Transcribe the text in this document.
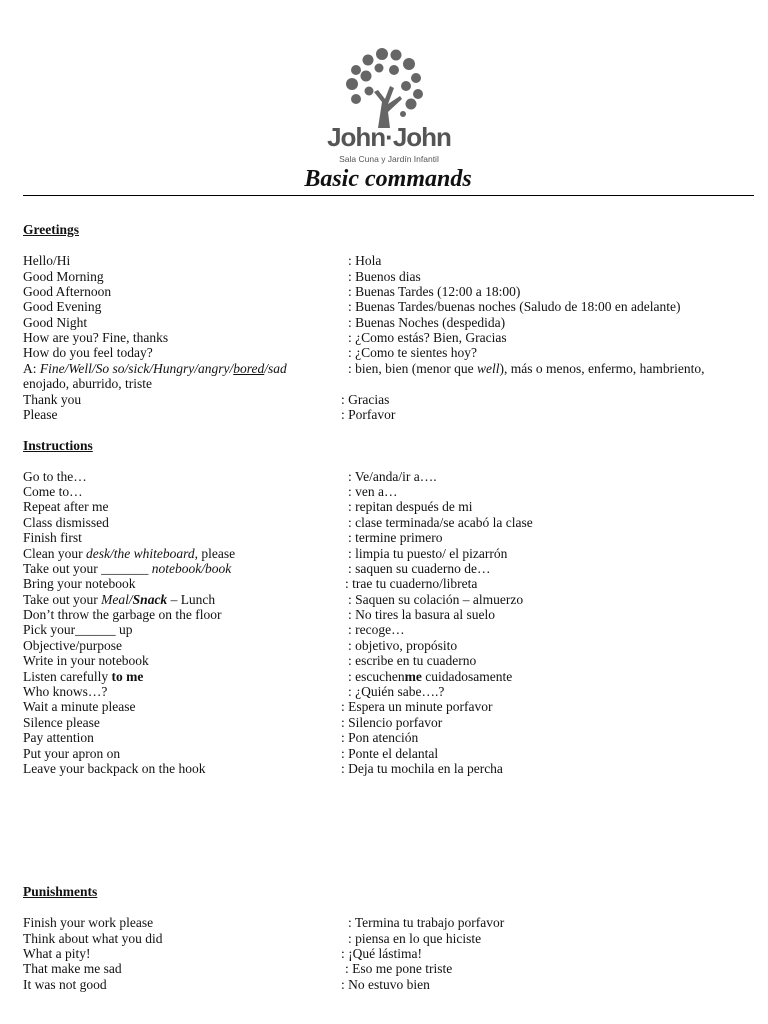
John·John
Sala Cuna y Jardín Infantil
Basic commands
Greetings
Hello/Hi	: Hola
Good Morning	: Buenos dias
Good Afternoon	: Buenas Tardes (12:00 a 18:00)
Good Evening	: Buenas Tardes/buenas noches (Saludo de 18:00 en adelante)
Good Night	: Buenas Noches (despedida)
How are you? Fine, thanks	: ¿Como estás? Bien, Gracias
How do you feel today?	: ¿Como te sientes hoy?
A: Fine/Well/So so/sick/Hungry/angry/bored/sad	: bien, bien (menor que well), más o menos, enfermo, hambriento,
enojado, aburrido, triste
Thank you	: Gracias
Please	: Porfavor
Instructions
Go to the…	: Ve/anda/ir a….
Come to…	: ven a…
Repeat after me	: repitan después de mi
Class dismissed	: clase terminada/se acabó la clase
Finish first	: termine primero
Clean your desk/the whiteboard, please	: limpia tu puesto/ el pizarrón
Take out your _______ notebook/book	: saquen su cuaderno de…
Bring your notebook	: trae tu cuaderno/libreta
Take out your Meal/Snack – Lunch	: Saquen su colación – almuerzo
Don’t throw the garbage on the floor	: No tires la basura al suelo
Pick your______ up	: recoge…
Objective/purpose	: objetivo, propósito
Write in your notebook	: escribe en tu cuaderno
Listen carefully to me	: escuchenme cuidadosamente
Who knows…?	: ¿Quién sabe….?
Wait a minute please	: Espera un minute porfavor
Silence please	: Silencio porfavor
Pay attention	: Pon atención
Put your apron on	: Ponte el delantal
Leave your backpack on the hook	: Deja tu mochila en la percha
Punishments
Finish your work please	: Termina tu trabajo porfavor
Think about what you did	: piensa en lo que hiciste
What a pity!	: ¡Qué lástima!
That make me sad	: Eso me pone triste
It was not good	: No estuvo bien
